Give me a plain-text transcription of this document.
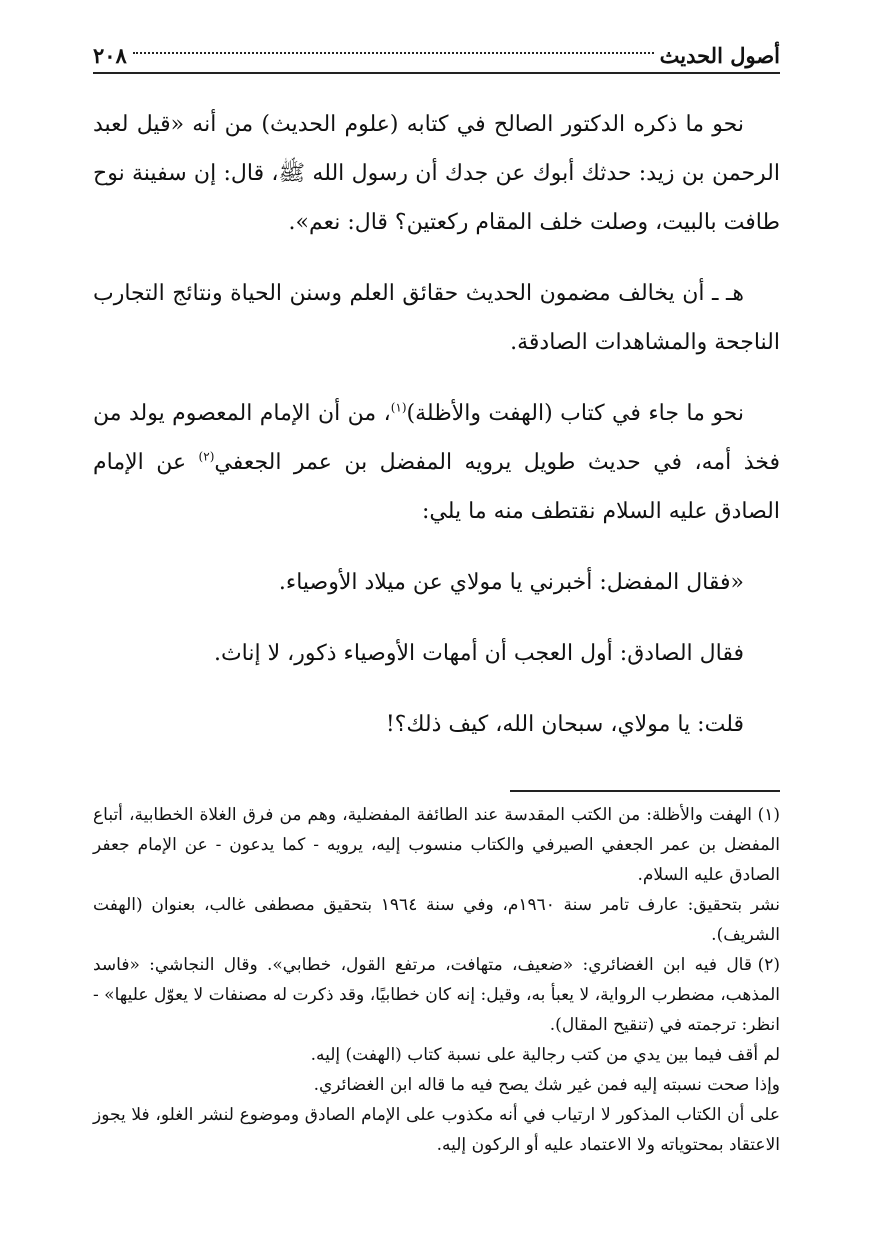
أصول الحديث
٢٠٨

نحو ما ذكره الدكتور الصالح في كتابه (علوم الحديث) من أنه «قيل لعبد الرحمن بن زيد: حدثك أبوك عن جدك أن رسول الله ﷺ، قال: إن سفينة نوح طافت بالبيت، وصلت خلف المقام ركعتين؟ قال: نعم».

هـ ـ أن يخالف مضمون الحديث حقائق العلم وسنن الحياة ونتائج التجارب الناجحة والمشاهدات الصادقة.

نحو ما جاء في كتاب (الهفت والأظلة)$^{(١)}$، من أن الإمام المعصوم يولد من فخذ أمه، في حديث طويل يرويه المفضل بن عمر الجعفي$^{(٢)}$ عن الإمام الصادق عليه السلام نقتطف منه ما يلي:

«فقال المفضل: أخبرني يا مولاي عن ميلاد الأوصياء.

فقال الصادق: أول العجب أن أمهات الأوصياء ذكور، لا إناث.

قلت: يا مولاي، سبحان الله، كيف ذلك؟!

(١)الهفت والأظلة: من الكتب المقدسة عند الطائفة المفضلية، وهم من فرق الغلاة الخطابية، أتباع المفضل بن عمر الجعفي الصيرفي والكتاب منسوب إليه، يرويه - كما يدعون - عن الإمام جعفر الصادق عليه السلام.

نشر بتحقيق: عارف تامر سنة ١٩٦٠م، وفي سنة ١٩٦٤ بتحقيق مصطفى غالب، بعنوان (الهفت الشريف).

(٢)قال فيه ابن الغضائري: «ضعيف، متهافت، مرتفع القول، خطابي». وقال النجاشي: «فاسد المذهب، مضطرب الرواية، لا يعبأ به، وقيل: إنه كان خطابيًا، وقد ذكرت له مصنفات لا يعوّل عليها» - انظر: ترجمته في (تنقيح المقال).

لم أقف فيما بين يدي من كتب رجالية على نسبة كتاب (الهفت) إليه.

وإذا صحت نسبته إليه فمن غير شك يصح فيه ما قاله ابن الغضائري.

على أن الكتاب المذكور لا ارتياب في أنه مكذوب على الإمام الصادق وموضوع لنشر الغلو، فلا يجوز الاعتقاد بمحتوياته ولا الاعتماد عليه أو الركون إليه.
